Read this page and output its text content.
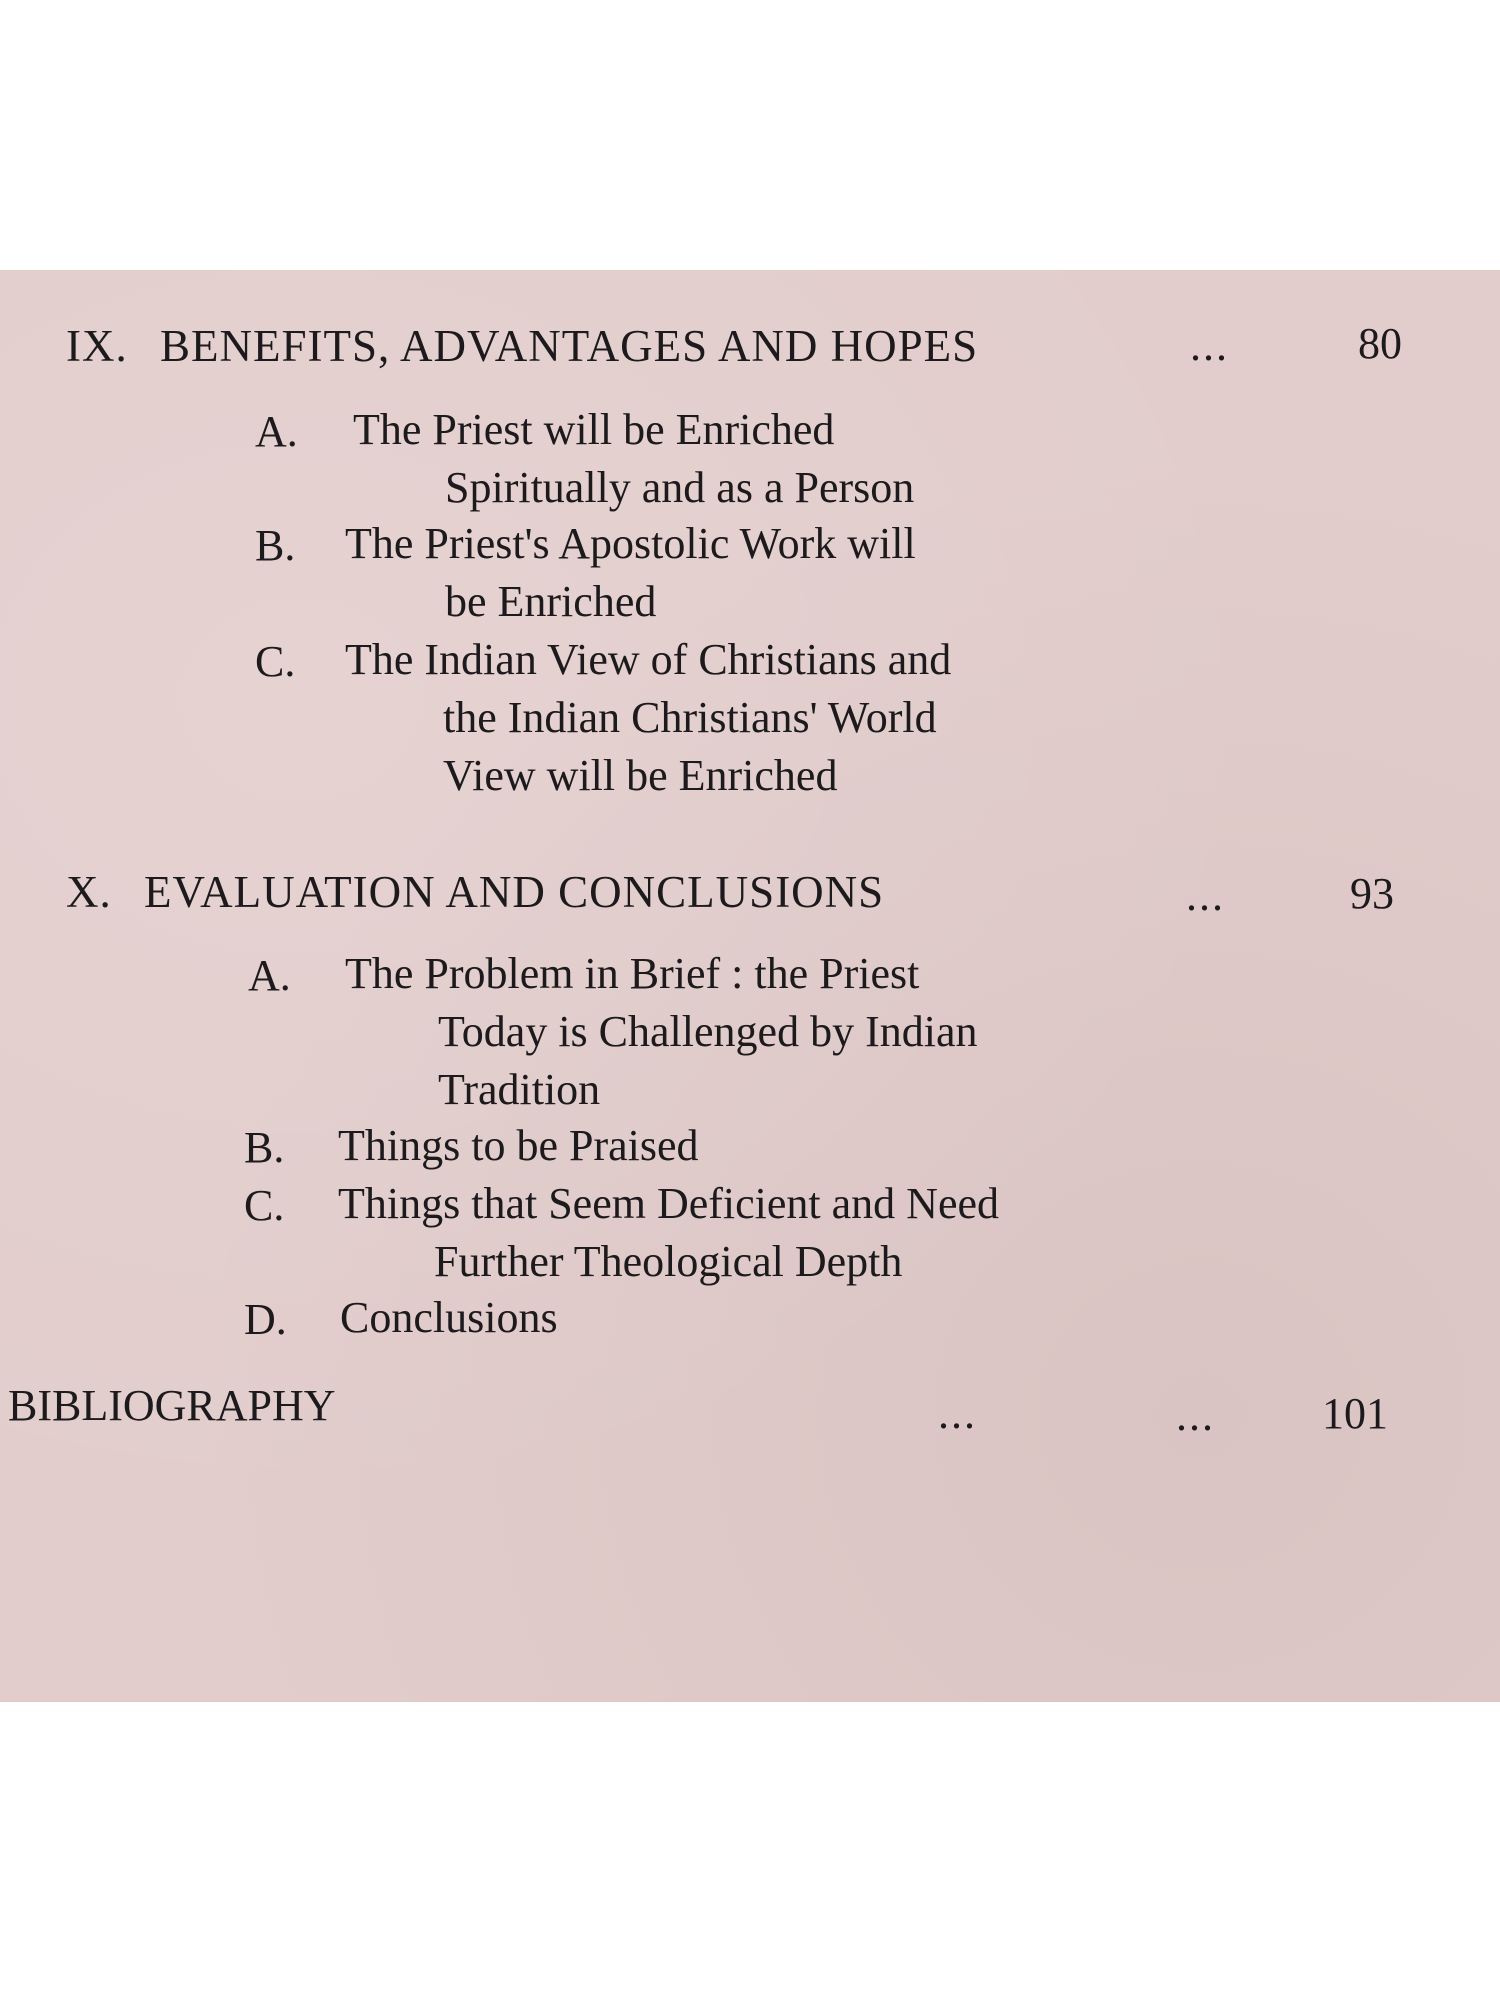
IX. BENEFITS, ADVANTAGES AND HOPES	...	80
A. The Priest will be Enriched
Spiritually and as a Person
B. The Priest's Apostolic Work will
be Enriched
C. The Indian View of Christians and
the Indian Christians' World
View will be Enriched
X. EVALUATION AND CONCLUSIONS	...	93
A. The Problem in Brief : the Priest
Today is Challenged by Indian
Tradition
B. Things to be Praised
C. Things that Seem Deficient and Need
Further Theological Depth
D. Conclusions
BIBLIOGRAPHY	...	... 101
